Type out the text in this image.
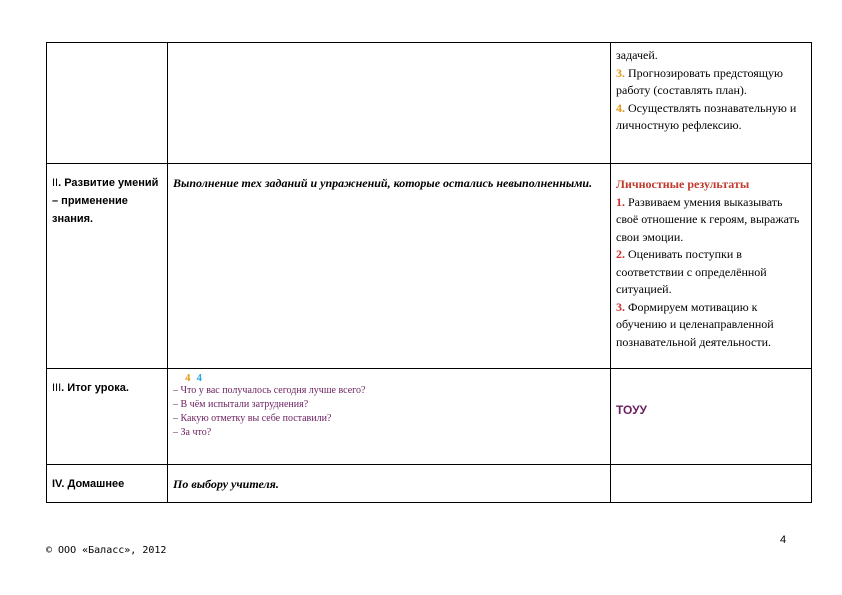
		задачей.
3. Прогнозировать предстоящую работу (составлять план).
4. Осуществлять познавательную и личностную рефлексию.

II. Развитие умений – применение знания.	Выполнение тех заданий и упражнений, которые остались невыполненными.	Личностные результаты
1. Развиваем умения выказывать своё отношение к героям, выражать свои эмоции.
2. Оценивать поступки в соответствии с определённой ситуацией.
3. Формируем мотивацию к обучению и целенаправленной познавательной деятельности.

III. Итог урока.	4 4
– Что у вас получалось сегодня лучше всего?
– В чём испытали затруднения?
– Какую отметку вы себе поставили?
– За что?	ТОУУ
IV. Домашнее	По выбору учителя.	
4
© ООО «Баласс», 2012
